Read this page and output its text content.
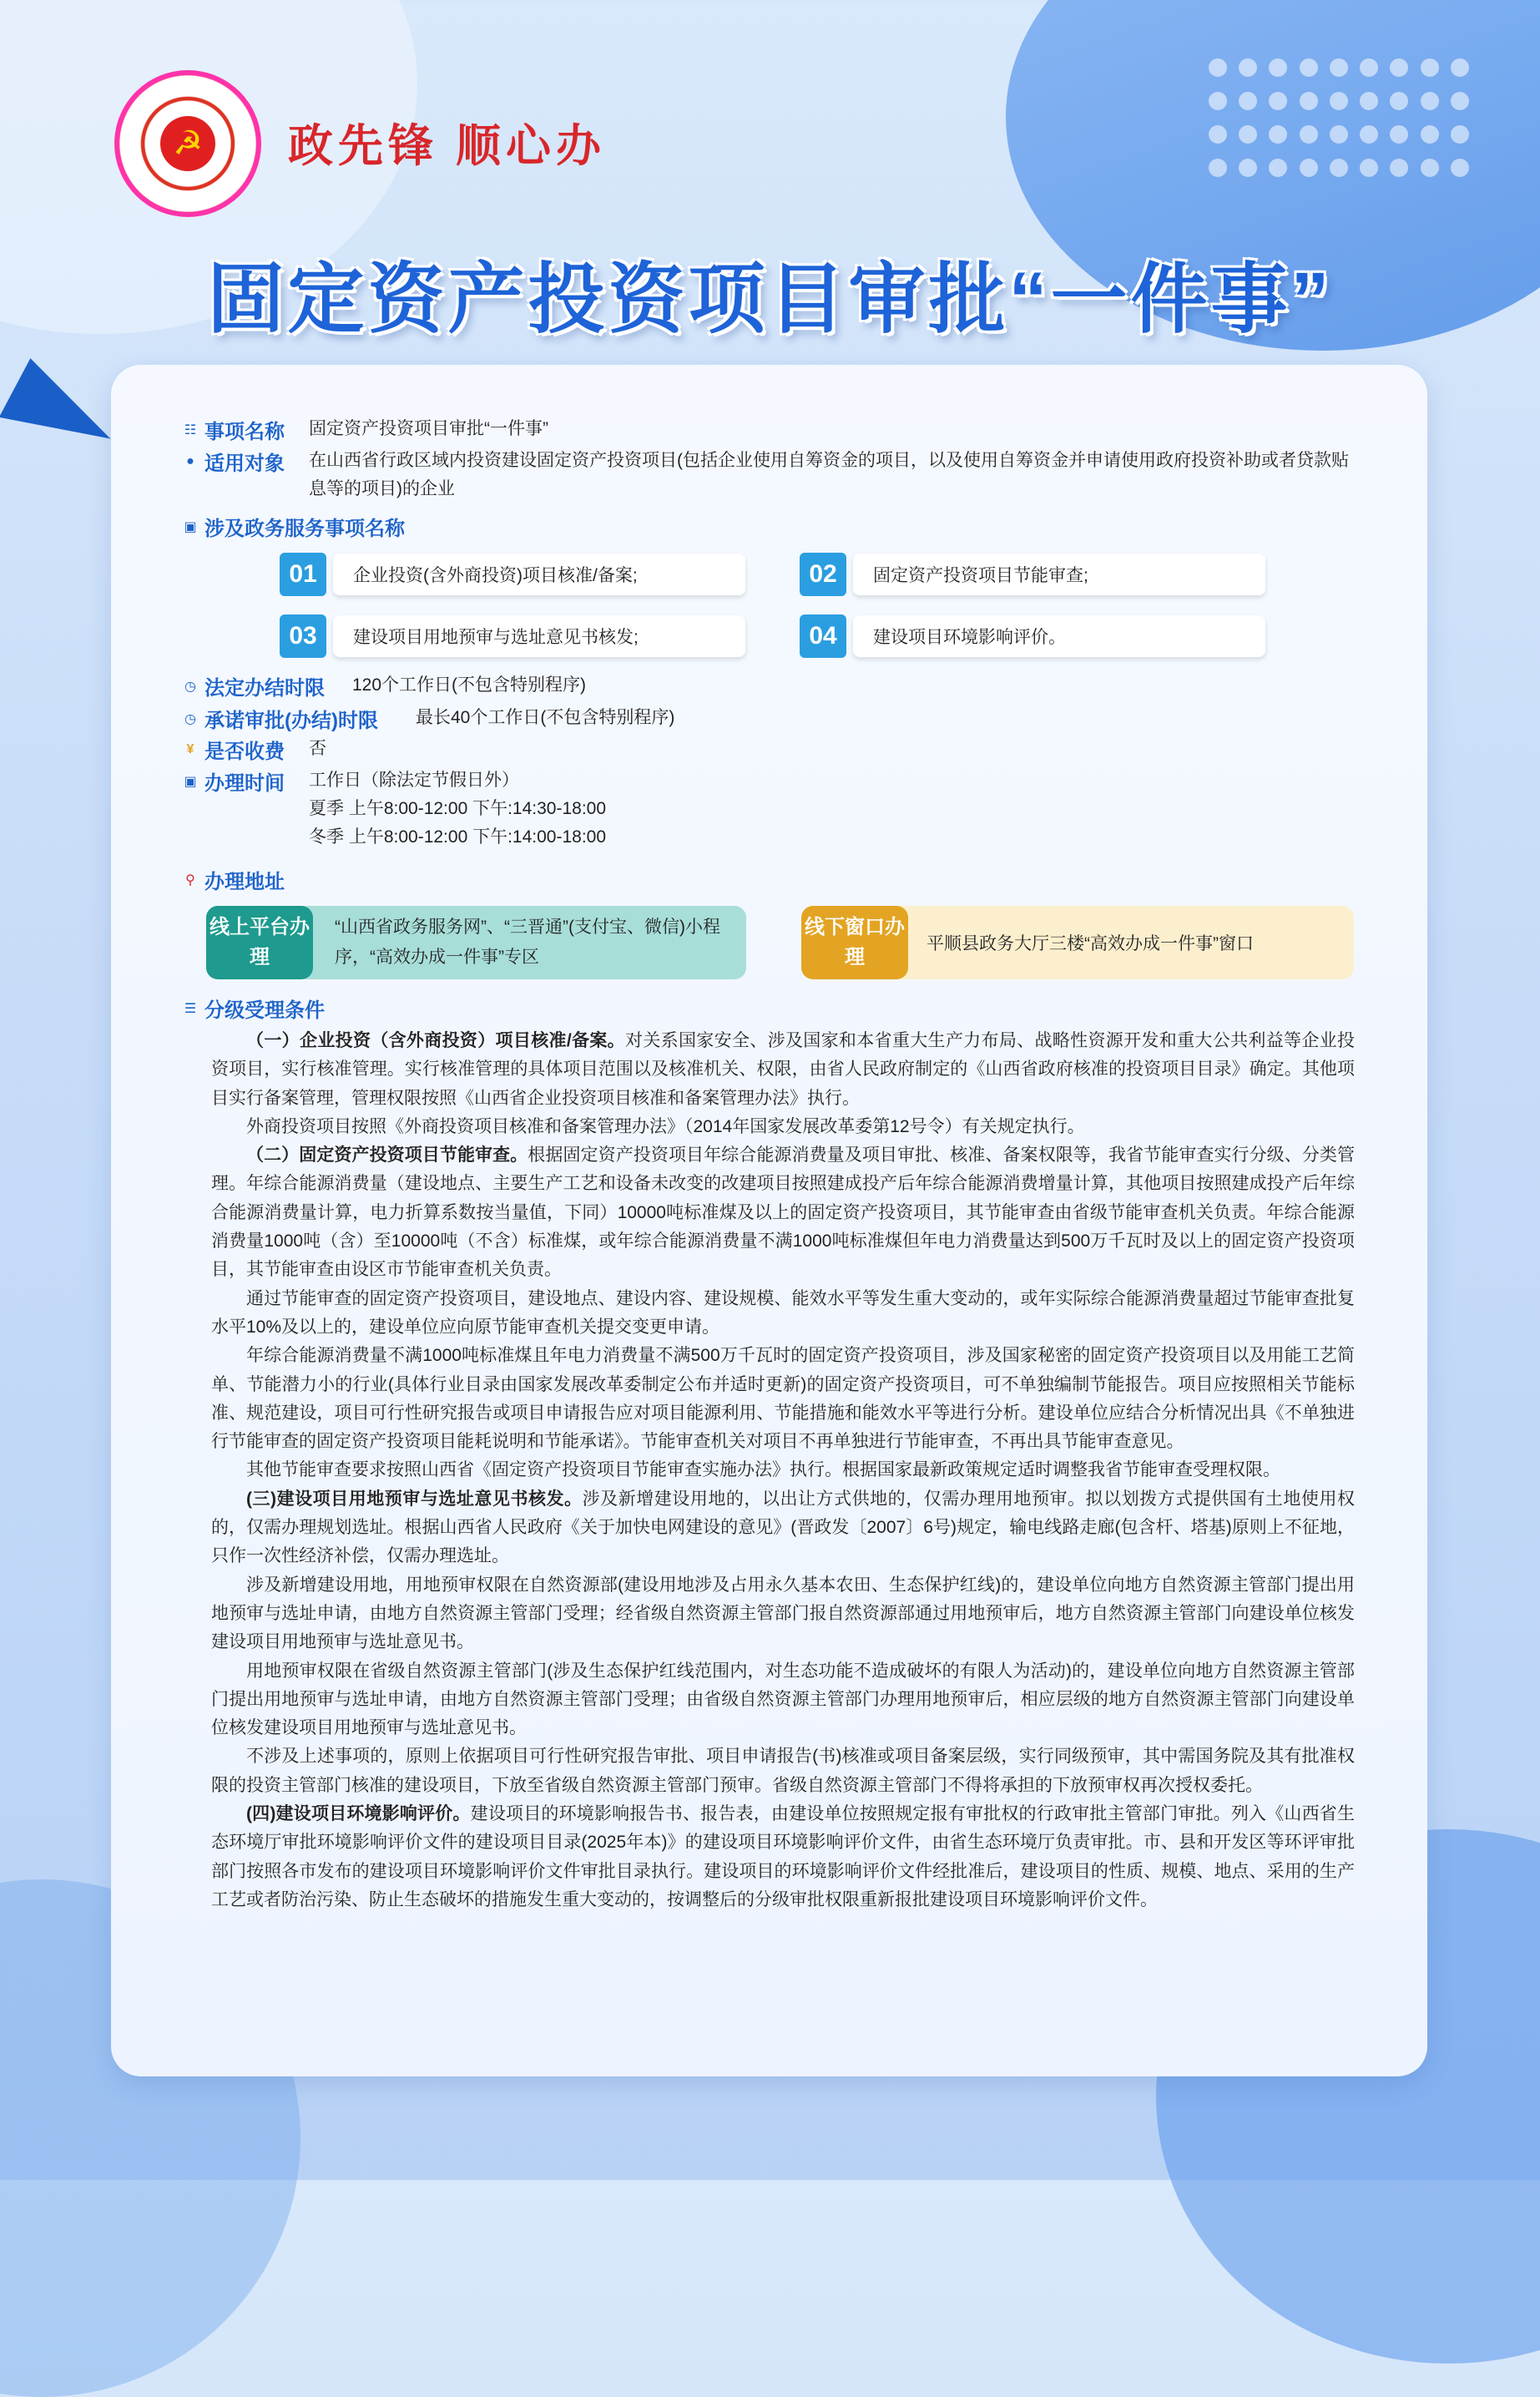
☭ 政先锋 顺心办
固定资产投资项目审批“一件事”
☷ 事项名称 固定资产投资项目审批“一件事”
● 适用对象 在山西省行政区域内投资建设固定资产投资项目(包括企业使用自筹资金的项目，以及使用自筹资金并申请使用政府投资补助或者贷款贴息等的项目)的企业
▣ 涉及政务服务事项名称
01	企业投资(含外商投资)项目核准/备案;	02	固定资产投资项目节能审查;
03	建设项目用地预审与选址意见书核发;	04	建设项目环境影响评价。
◷ 法定办结时限 120个工作日(不包含特别程序)
◷ 承诺审批(办结)时限 最长40个工作日(不包含特别程序)
¥ 是否收费 否
▣ 办理时间 工作日（除法定节假日外）
夏季 上午8:00-12:00 下午:14:30-18:00
冬季 上午8:00-12:00 下午:14:00-18:00
⚲ 办理地址
线上平台办理
“山西省政务服务网”、“三晋通”(支付宝、微信)小程序，“高效办成一件事”专区
线下窗口办理
平顺县政务大厅三楼“高效办成一件事”窗口
☰ 分级受理条件

（一）企业投资（含外商投资）项目核准/备案。对关系国家安全、涉及国家和本省重大生产力布局、战略性资源开发和重大公共利益等企业投资项目，实行核准管理。实行核准管理的具体项目范围以及核准机关、权限，由省人民政府制定的《山西省政府核准的投资项目目录》确定。其他项目实行备案管理，管理权限按照《山西省企业投资项目核准和备案管理办法》执行。

外商投资项目按照《外商投资项目核准和备案管理办法》（2014年国家发展改革委第12号令）有关规定执行。

（二）固定资产投资项目节能审查。根据固定资产投资项目年综合能源消费量及项目审批、核准、备案权限等，我省节能审查实行分级、分类管理。年综合能源消费量（建设地点、主要生产工艺和设备未改变的改建项目按照建成投产后年综合能源消费增量计算，其他项目按照建成投产后年综合能源消费量计算，电力折算系数按当量值，下同）10000吨标准煤及以上的固定资产投资项目，其节能审查由省级节能审查机关负责。年综合能源消费量1000吨（含）至10000吨（不含）标准煤，或年综合能源消费量不满1000吨标准煤但年电力消费量达到500万千瓦时及以上的固定资产投资项目，其节能审查由设区市节能审查机关负责。

通过节能审查的固定资产投资项目，建设地点、建设内容、建设规模、能效水平等发生重大变动的，或年实际综合能源消费量超过节能审查批复水平10%及以上的，建设单位应向原节能审查机关提交变更申请。

年综合能源消费量不满1000吨标准煤且年电力消费量不满500万千瓦时的固定资产投资项目，涉及国家秘密的固定资产投资项目以及用能工艺简单、节能潜力小的行业(具体行业目录由国家发展改革委制定公布并适时更新)的固定资产投资项目，可不单独编制节能报告。项目应按照相关节能标准、规范建设，项目可行性研究报告或项目申请报告应对项目能源利用、节能措施和能效水平等进行分析。建设单位应结合分析情况出具《不单独进行节能审查的固定资产投资项目能耗说明和节能承诺》。节能审查机关对项目不再单独进行节能审查，不再出具节能审查意见。

其他节能审查要求按照山西省《固定资产投资项目节能审查实施办法》执行。根据国家最新政策规定适时调整我省节能审查受理权限。

(三)建设项目用地预审与选址意见书核发。涉及新增建设用地的，以出让方式供地的，仅需办理用地预审。拟以划拨方式提供国有土地使用权的，仅需办理规划选址。根据山西省人民政府《关于加快电网建设的意见》(晋政发〔2007〕6号)规定，输电线路走廊(包含杆、塔基)原则上不征地，只作一次性经济补偿，仅需办理选址。

涉及新增建设用地，用地预审权限在自然资源部(建设用地涉及占用永久基本农田、生态保护红线)的，建设单位向地方自然资源主管部门提出用地预审与选址申请，由地方自然资源主管部门受理；经省级自然资源主管部门报自然资源部通过用地预审后，地方自然资源主管部门向建设单位核发建设项目用地预审与选址意见书。

用地预审权限在省级自然资源主管部门(涉及生态保护红线范围内，对生态功能不造成破坏的有限人为活动)的，建设单位向地方自然资源主管部门提出用地预审与选址申请，由地方自然资源主管部门受理；由省级自然资源主管部门办理用地预审后，相应层级的地方自然资源主管部门向建设单位核发建设项目用地预审与选址意见书。

不涉及上述事项的，原则上依据项目可行性研究报告审批、项目申请报告(书)核准或项目备案层级，实行同级预审，其中需国务院及其有批准权限的投资主管部门核准的建设项目，下放至省级自然资源主管部门预审。省级自然资源主管部门不得将承担的下放预审权再次授权委托。

(四)建设项目环境影响评价。建设项目的环境影响报告书、报告表，由建设单位按照规定报有审批权的行政审批主管部门审批。列入《山西省生态环境厅审批环境影响评价文件的建设项目目录(2025年本)》的建设项目环境影响评价文件，由省生态环境厅负责审批。市、县和开发区等环评审批部门按照各市发布的建设项目环境影响评价文件审批目录执行。建设项目的环境影响评价文件经批准后，建设项目的性质、规模、地点、采用的生产工艺或者防治污染、防止生态破坏的措施发生重大变动的，按调整后的分级审批权限重新报批建设项目环境影响评价文件。
